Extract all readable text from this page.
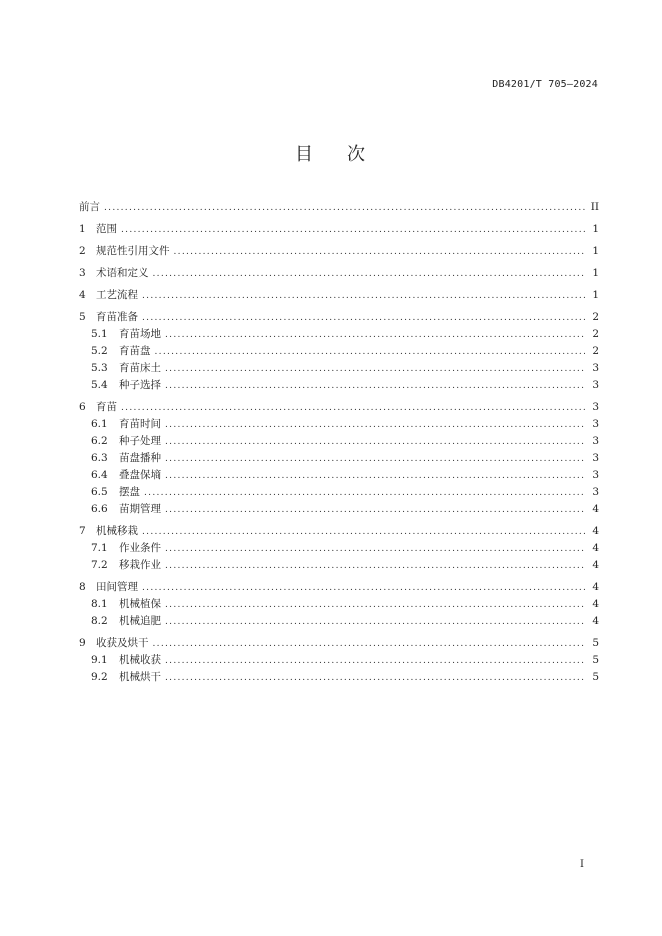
DB4201/T 705—2024
目 次
前言 .....	II
1 范围 .....	1
2 规范性引用文件 .....	1
3 术语和定义 .....	1
4 工艺流程 .....	1
5 育苗准备 .....	2
5.1	育苗场地 .....	2
5.2	育苗盘 .....	2
5.3	育苗床土 .....	3
5.4	种子选择 .....	3
6 育苗 .....	3
6.1	育苗时间 .....	3
6.2	种子处理 .....	3
6.3	苗盘播种 .....	3
6.4	叠盘保墒 .....	3
6.5	摆盘 .....	3
6.6	苗期管理 .....	4
7 机械移栽 .....	4
7.1	作业条件 .....	4
7.2	移栽作业 .....	4
8 田间管理 .....	4
8.1	机械植保 .....	4
8.2	机械追肥 .....	4
9 收获及烘干 .....	5
9.1	机械收获 .....	5
9.2	机械烘干 .....	5
I
